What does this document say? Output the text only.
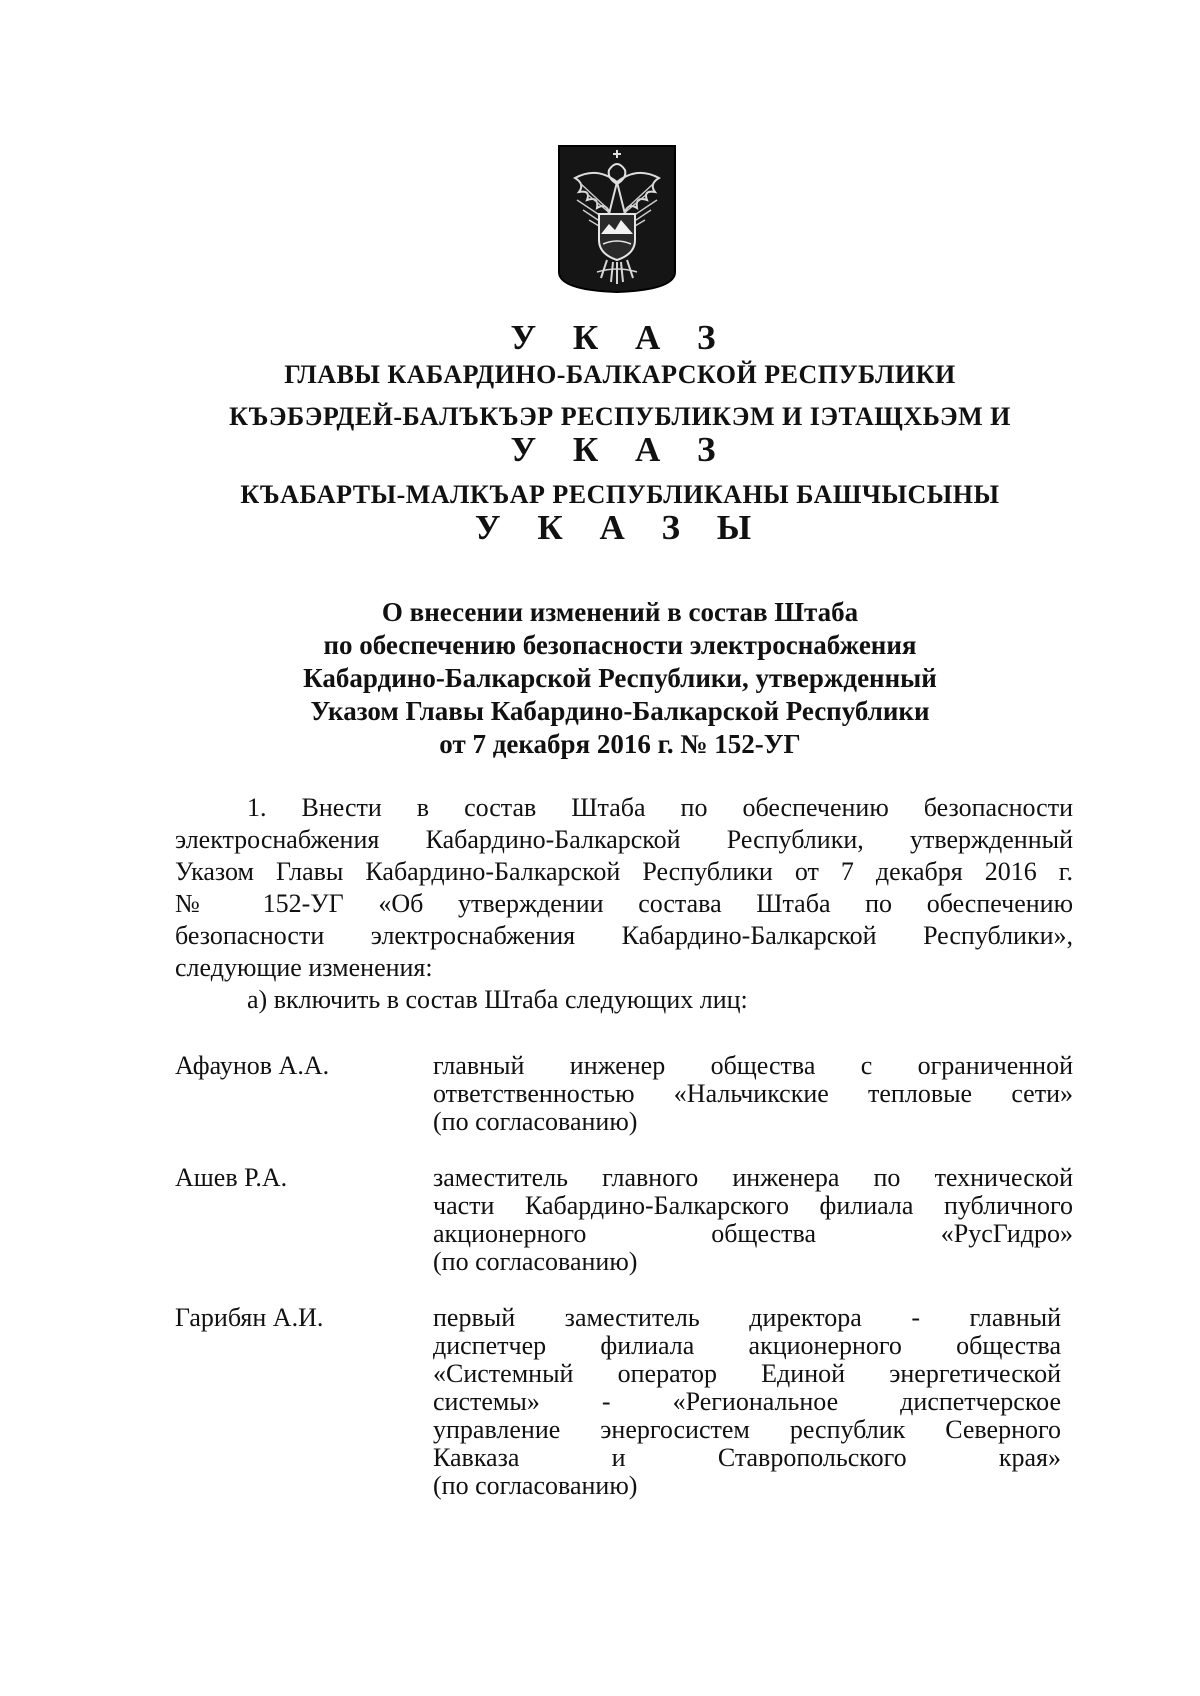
У К А З
ГЛАВЫ КАБАРДИНО-БАЛКАРСКОЙ РЕСПУБЛИКИ
КЪЭБЭРДЕЙ-БАЛЪКЪЭР РЕСПУБЛИКЭМ И ІЭТАЩХЬЭМ И
У К А З
КЪАБАРТЫ-МАЛКЪАР РЕСПУБЛИКАНЫ БАШЧЫСЫНЫ
У К А З Ы
О внесении изменений в состав Штаба
по обеспечению безопасности электроснабжения
Кабардино-Балкарской Республики, утвержденный
Указом Главы Кабардино-Балкарской Республики
от 7 декабря 2016 г. № 152-УГ
1. Внести в состав Штаба по обеспечению безопасности
электроснабжения Кабардино-Балкарской Республики, утвержденный
Указом Главы Кабардино-Балкарской Республики от 7 декабря 2016 г.
№ 152-УГ «Об утверждении состава Штаба по обеспечению
безопасности электроснабжения Кабардино-Балкарской Республики»,
следующие изменения:
а) включить в состав Штаба следующих лиц:
Афаунов А.А.	главный инженер общества с ограниченной
ответственностью «Нальчикские тепловые сети»
(по согласованию)
Ашев Р.А.	заместитель главного инженера по технической
части Кабардино-Балкарского филиала публичного
акционерного общества «РусГидро»
(по согласованию)
Гарибян А.И.	первый заместитель директора - главный
диспетчер филиала акционерного общества
«Системный оператор Единой энергетической
системы» - «Региональное диспетчерское
управление энергосистем республик Северного
Кавказа и Ставропольского края»
(по согласованию)
